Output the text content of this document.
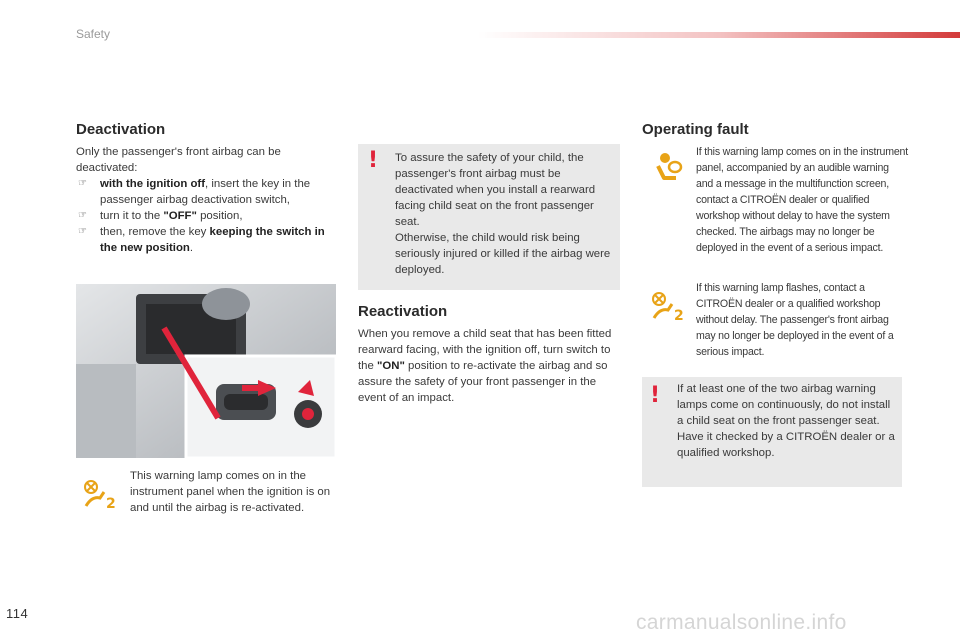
Safety
Deactivation
Only the passenger's front airbag can be deactivated:
☞ with the ignition off, insert the key in the passenger airbag deactivation switch,
☞ turn it to the "OFF" position,
☞ then, remove the key keeping the switch in the new position.
2
This warning lamp comes on in the instrument panel when the ignition is on and until the airbag is re-activated.
! To assure the safety of your child, the passenger's front airbag must be deactivated when you install a rearward facing child seat on the front passenger seat.
Otherwise, the child would risk being seriously injured or killed if the airbag were deployed.
Reactivation
When you remove a child seat that has been fitted rearward facing, with the ignition off, turn switch to the "ON" position to re-activate the airbag and so assure the safety of your front passenger in the event of an impact.
Operating fault
If this warning lamp comes on in the instrument panel, accompanied by an audible warning and a message in the multifunction screen, contact a CITROËN dealer or qualified workshop without delay to have the system checked. The airbags may no longer be deployed in the event of a serious impact.
2
If this warning lamp flashes, contact a CITROËN dealer or a qualified workshop without delay. The passenger's front airbag may no longer be deployed in the event of a serious impact.
! If at least one of the two airbag warning lamps come on continuously, do not install a child seat on the front passenger seat.
Have it checked by a CITROËN dealer or a qualified workshop.
114	carmanualsonline.info
